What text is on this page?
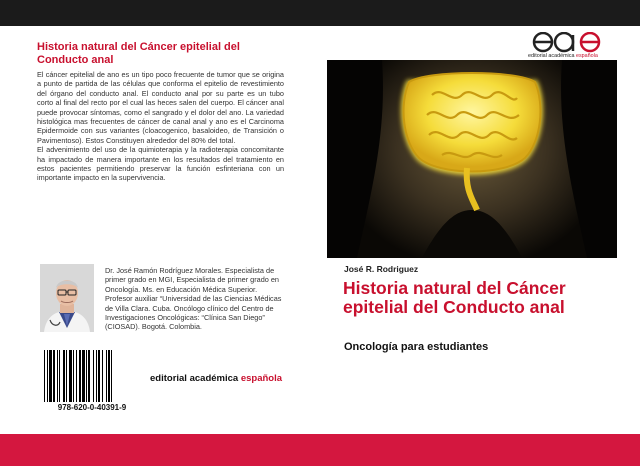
Historia natural del Cáncer epitelial del Conducto anal

El cáncer epitelial de ano es un tipo poco frecuente de tumor que se origina a punto de partida de las células que conforma el epitelio de revestimiento del órgano del conducto anal. El conducto anal por su parte es un tubo corto al final del recto por el cual las heces salen del cuerpo. El cáncer anal puede provocar síntomas, como el sangrado y el dolor del ano. La variedad histológica mas frecuentes de cáncer de canal anal y ano es el Carcinoma Epidermoide con sus variantes (cloacogenico, basaloideo, de Transición o Pavimentoso). Estos Constituyen alrededor del 80% del total.

El advenimiento del uso de la quimioterapia y la radioterapia concomitante ha impactado de manera importante en los resultados del tratamiento en estos pacientes permitiendo preservar la función esfinteriana con un importante impacto en la supervivencia.

Dr. José Ramón Rodríguez Morales. Especialista de primer grado en MGI, Especialista de primer grado en Oncología. Ms. en Educación Médica Superior. Profesor auxiliar “Universidad de las Ciencias Médicas de Villa Clara. Cuba. Oncólogo clínico del Centro de Investigaciones Oncológicas: “Clínica San Diego” (CIOSAD). Bogotá. Colombia.
978-620-0-40391-9
editorial académica española
editorial académica española
José R. Rodriguez
Historia natural del Cáncer epitelial del Conducto anal
Oncología para estudiantes
